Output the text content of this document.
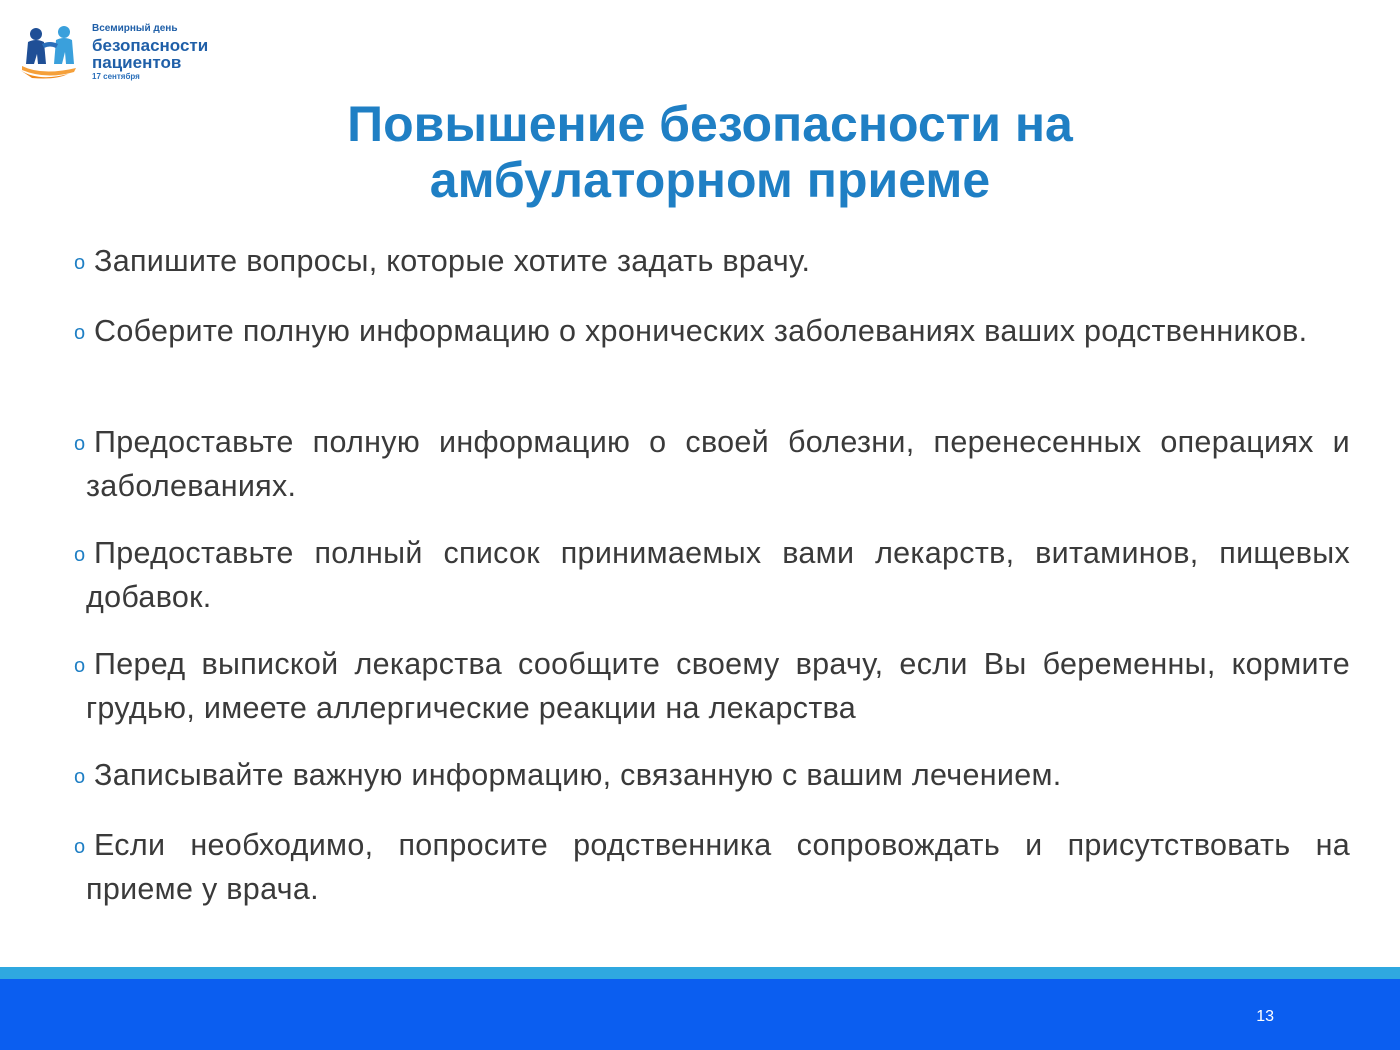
Всемирный день
безопасности
пациентов
17 сентября
Повышение безопасности на
амбулаторном приеме
o Запишите вопросы, которые хотите задать врачу.
o Соберите полную информацию о хронических заболеваниях ваших родственников.
o Предоставьте полную информацию о своей болезни, перенесенных операциях и заболеваниях.
o Предоставьте полный список принимаемых вами лекарств, витаминов, пищевых добавок.
o Перед выпиской лекарства сообщите своему врачу, если Вы беременны, кормите грудью, имеете аллергические реакции на лекарства
o Записывайте важную информацию, связанную с вашим лечением.
o Если необходимо, попросите родственника сопровождать и присутствовать на приеме у врача.
13
